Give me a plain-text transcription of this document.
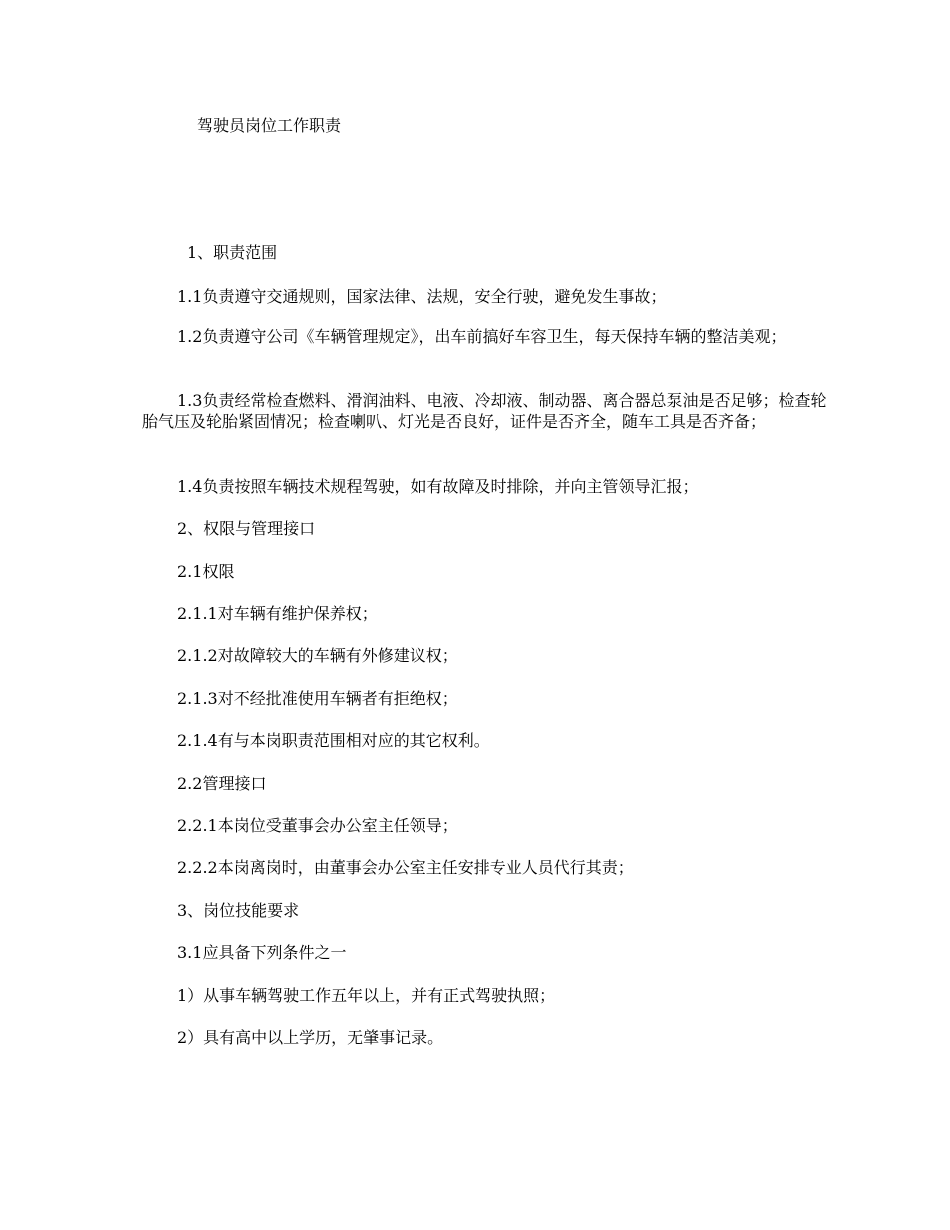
驾驶员岗位工作职责
1、职责范围
1.1负责遵守交通规则，国家法律、法规，安全行驶，避免发生事故；
1.2负责遵守公司《车辆管理规定》，出车前搞好车容卫生，每天保持车辆的整洁美观；
1.3负责经常检查燃料、滑润油料、电液、冷却液、制动器、离合器总泵油是否足够；检查轮胎气压及轮胎紧固情况；检查喇叭、灯光是否良好，证件是否齐全，随车工具是否齐备；
1.4负责按照车辆技术规程驾驶，如有故障及时排除，并向主管领导汇报；
2、权限与管理接口
2.1权限
2.1.1对车辆有维护保养权；
2.1.2对故障较大的车辆有外修建议权；
2.1.3对不经批准使用车辆者有拒绝权；
2.1.4有与本岗职责范围相对应的其它权利。
2.2管理接口
2.2.1本岗位受董事会办公室主任领导；
2.2.2本岗离岗时，由董事会办公室主任安排专业人员代行其责；
3、岗位技能要求
3.1应具备下列条件之一
1）从事车辆驾驶工作五年以上，并有正式驾驶执照；
2）具有高中以上学历，无肇事记录。
